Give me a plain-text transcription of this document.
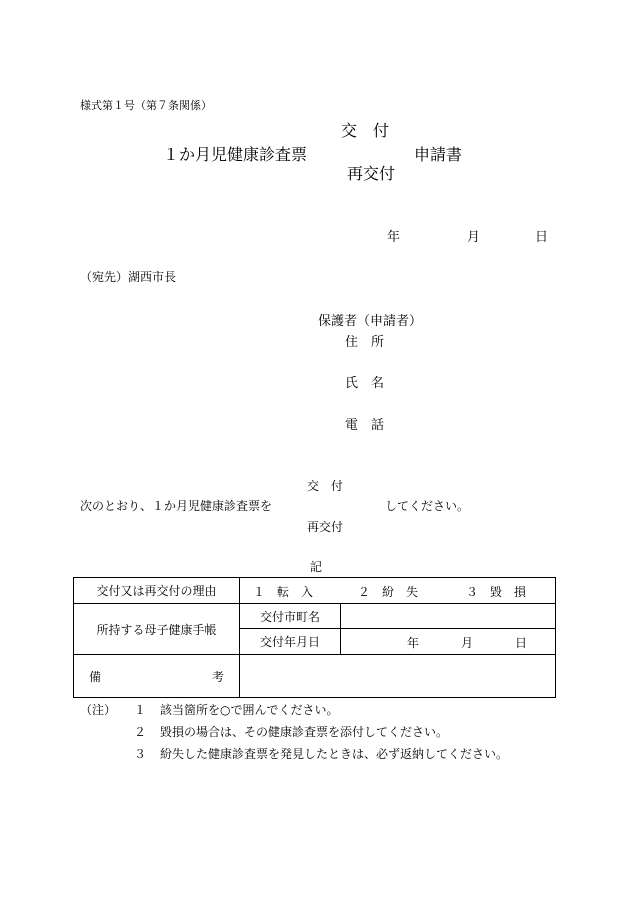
様式第１号（第７条関係）
交　付
１か月児健康診査票	申請書
再交付
年	月	日
（宛先）湖西市長
保護者（申請者）
住　所
氏　名
電　話
交　付
次のとおり、１か月児健康診査票を	してください。
再交付
記
交付又は再交付の理由	１　転　入 ２　紛　失 ３　毀　損	

所持する母子健康手帳	交付市町名	
	交付年月日	年 月 日

備 考		

（注） １ 該当箇所を○で囲んでください。
２ 毀損の場合は、その健康診査票を添付してください。
３ 紛失した健康診査票を発見したときは、必ず返納してください。
